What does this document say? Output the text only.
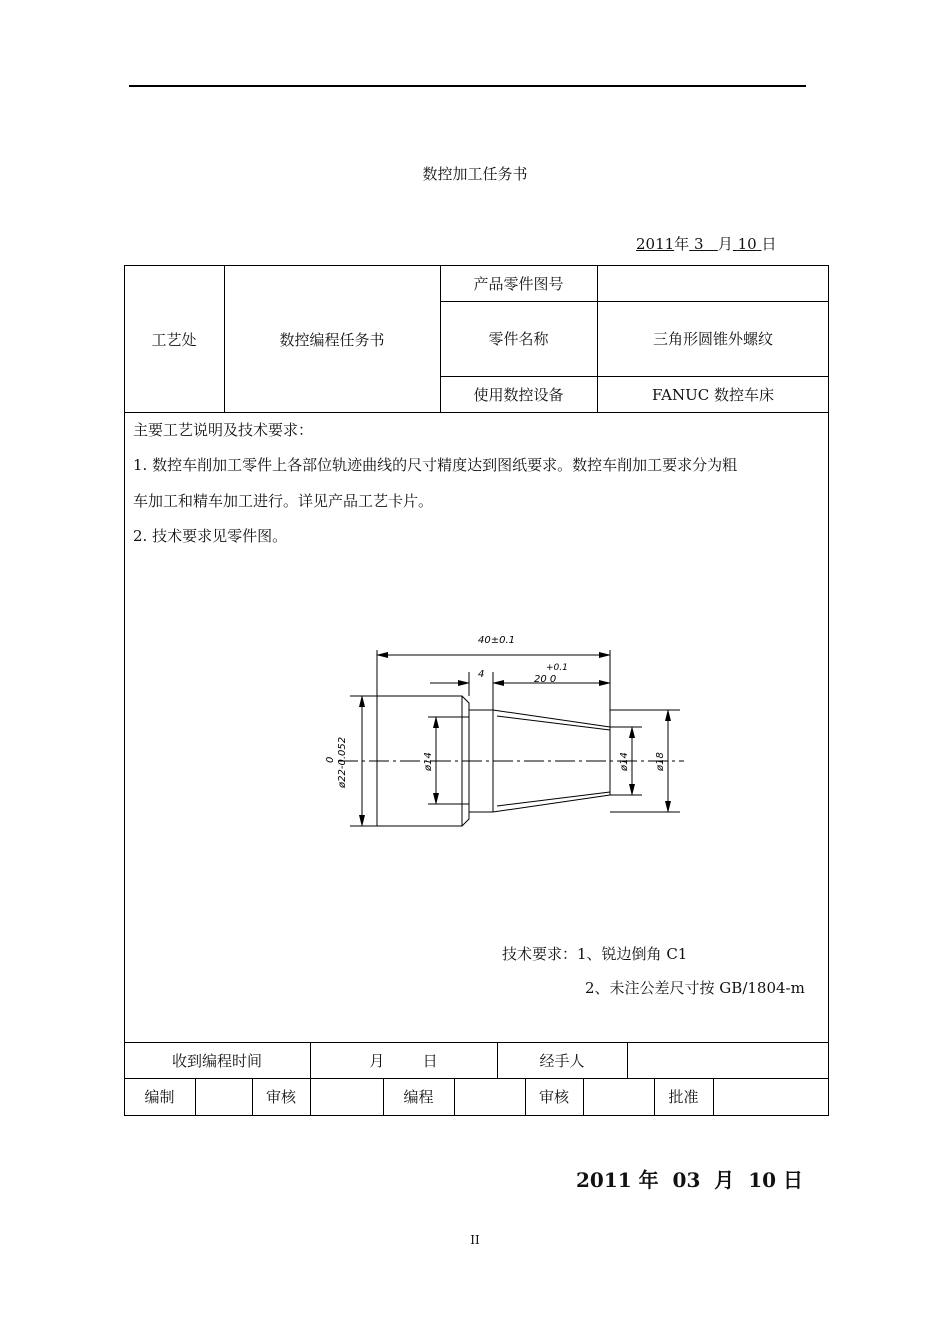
数控加工任务书
2011年 3 月 10 日
工艺处	数控编程任务书
产品零件图号
零件名称	三角形圆锥外螺纹
使用数控设备	FANUC 数控车床
主要工艺说明及技术要求：
1. 数控车削加工零件上各部位轨迹曲线的尺寸精度达到图纸要求。数控车削加工要求分为粗
车加工和精车加工进行。详见产品工艺卡片。
2. 技术要求见零件图。
40±0.1
4
+0.1
20 0
ø22-0.052
0	ø14	ø14	ø18
技术要求：1、锐边倒角 C1
2、未注公差尺寸按 GB/1804-m
收到编程时间	月        日	经手人
编制	审核	编程	审核	批准
2011 年  03  月  10 日
II
